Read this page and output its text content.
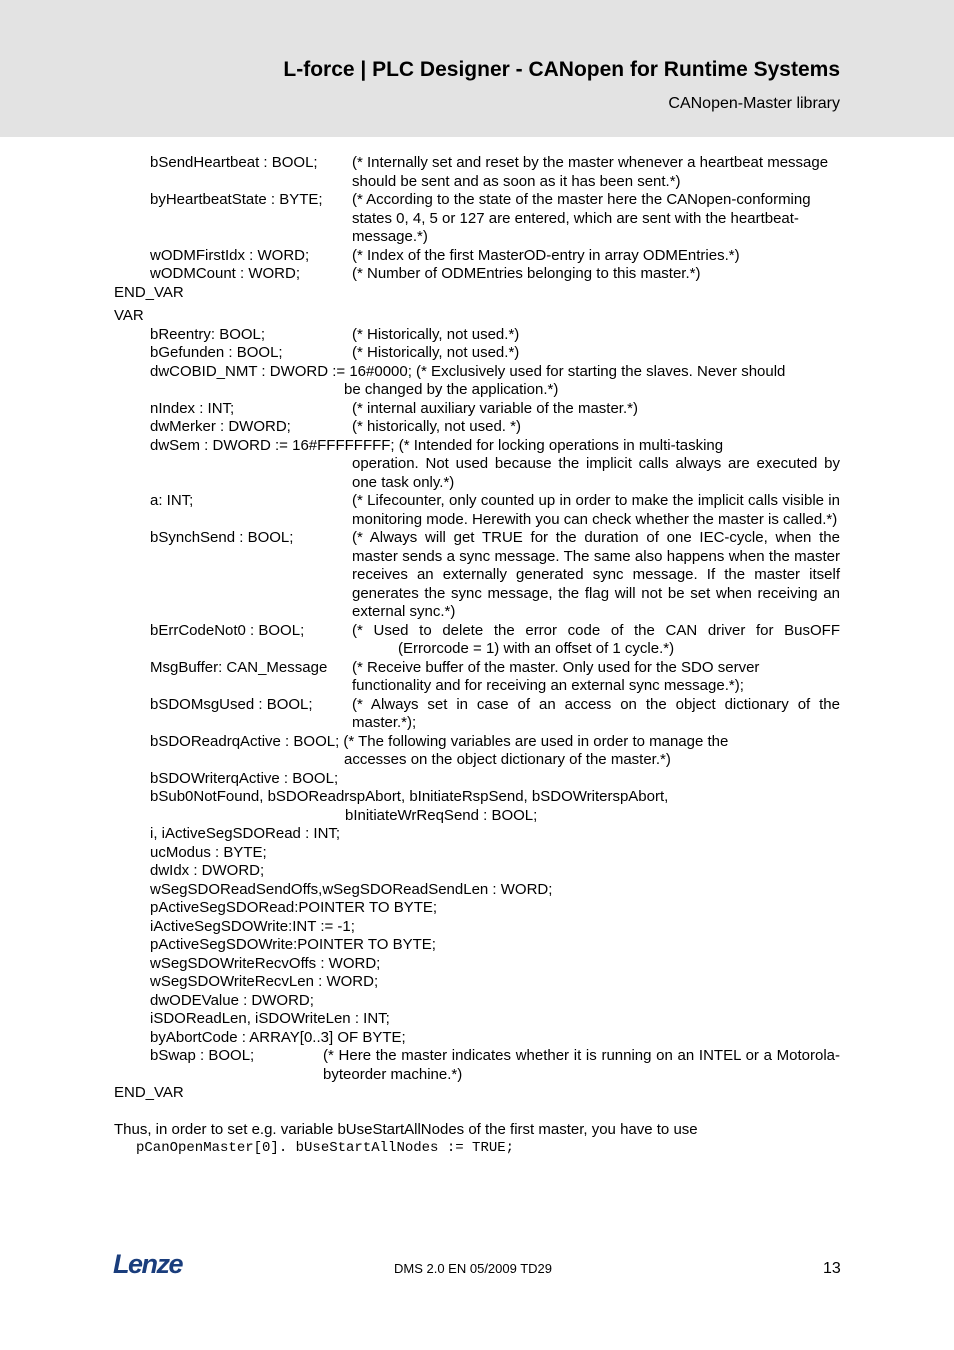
L-force | PLC Designer - CANopen for Runtime Systems
CANopen-Master library
bSendHeartbeat : BOOL;	(* Internally set and reset by the master whenever a heartbeat message should be sent and as soon as it has been sent.*)
byHeartbeatState : BYTE;	(* According to the state of the master here the CANopen-conforming states 0, 4, 5 or 127 are entered, which are sent with the heartbeat-message.*)
wODMFirstIdx : WORD;	(* Index of the first MasterOD-entry in array ODMEntries.*)
wODMCount : WORD;	(* Number of ODMEntries belonging to this master.*)
END_VAR
VAR
bReentry: BOOL;	(* Historically, not used.*)
bGefunden : BOOL;	(* Historically, not used.*)
dwCOBID_NMT : DWORD := 16#0000; (* Exclusively used for starting the slaves. Never should
be changed by the application.*)
nIndex : INT;	(* internal auxiliary variable of the master.*)
dwMerker : DWORD;	(* historically, not used. *)
dwSem : DWORD := 16#FFFFFFFF; (* Intended for locking operations in multi-tasking
operation. Not used because the implicit calls always are executed by one task only.*)
a: INT;	(* Lifecounter, only counted up in order to make the implicit calls visible in monitoring mode. Herewith you can check whether the master is called.*)
bSynchSend : BOOL;	(* Always will get TRUE for the duration of one IEC-cycle, when the master sends a sync message. The same also happens when the master receives an externally generated sync message. If the master itself generates the sync message, the flag will not be set when receiving an external sync.*)
bErrCodeNot0 : BOOL;	(* Used to delete the error code of the CAN driver for BusOFF
(Errorcode = 1) with an offset of 1 cycle.*)
MsgBuffer: CAN_Message	(* Receive buffer of the master. Only used for the SDO server
functionality and for receiving an external sync message.*);
bSDOMsgUsed : BOOL;	(* Always set in case of an access on the object dictionary of the master.*);
bSDOReadrqActive : BOOL; (* The following variables are used in order to manage the
accesses on the object dictionary of the master.*)
bSDOWriterqActive : BOOL;
bSub0NotFound, bSDOReadrspAbort, bInitiateRspSend, bSDOWriterspAbort,
bInitiateWrReqSend : BOOL;
i, iActiveSegSDORead : INT;
ucModus : BYTE;
dwIdx : DWORD;
wSegSDOReadSendOffs,wSegSDOReadSendLen : WORD;
pActiveSegSDORead:POINTER TO BYTE;
iActiveSegSDOWrite:INT := -1;
pActiveSegSDOWrite:POINTER TO BYTE;
wSegSDOWriteRecvOffs : WORD;
wSegSDOWriteRecvLen : WORD;
dwODEValue : DWORD;
iSDOReadLen, iSDOWriteLen : INT;
byAbortCode : ARRAY[0..3] OF BYTE;
bSwap : BOOL;	(* Here the master indicates whether it is running on an INTEL or a Motorola-byteorder machine.*)
END_VAR
Thus, in order to set e.g. variable bUseStartAllNodes of the first master, you have to use
pCanOpenMaster[0]. bUseStartAllNodes := TRUE;
Lenze	DMS 2.0 EN 05/2009 TD29	13
